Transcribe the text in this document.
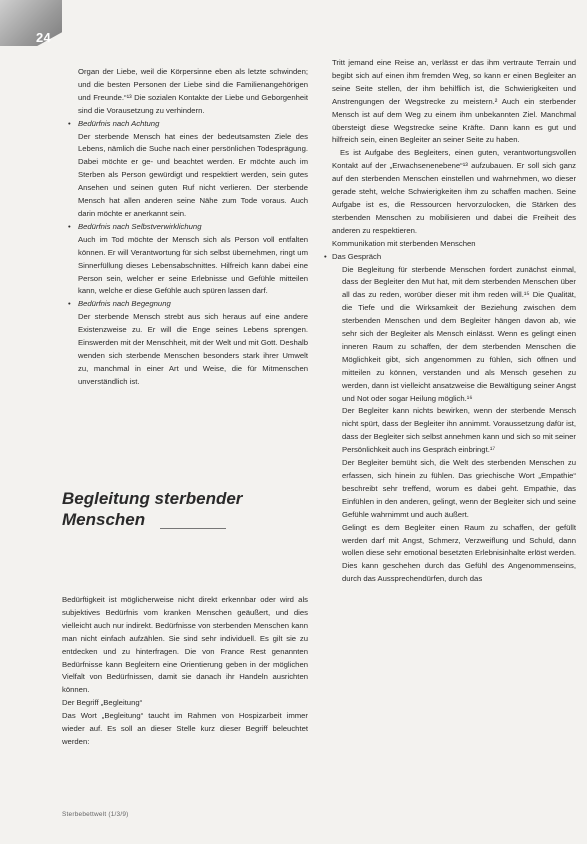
24

Organ der Liebe, weil die Körpersinne eben als letzte schwinden; und die besten Personen der Liebe sind die Familienangehörigen und Freunde.“¹³ Die sozialen Kontakte der Liebe und Geborgenheit sind die Vorausetzung zu verhindern.

• Bedürfnis nach Achtung

Der sterbende Mensch hat eines der bedeutsamsten Ziele des Lebens, nämlich die Suche nach einer persönlichen Todesprägung. Dabei möchte er ge- und beachtet werden. Er möchte auch im Sterben als Person gewürdigt und respektiert werden, sein gutes Ansehen und seinen guten Ruf nicht verlieren. Der sterbende Mensch hat allen anderen seine Nähe zum Tode voraus. Auch darin möchte er anerkannt sein.

• Bedürfnis nach Selbstverwirklichung

Auch im Tod möchte der Mensch sich als Person voll entfalten können. Er will Verantwortung für sich selbst übernehmen, ringt um Sinnerfüllung dieses Lebensabschnittes. Hilfreich kann dabei eine Person sein, welcher er seine Erlebnisse und Gefühle mitteilen kann, welche er diese Gefühle auch spüren lassen darf.

• Bedürfnis nach Begegnung

Der sterbende Mensch strebt aus sich heraus auf eine andere Existenzweise zu. Er will die Enge seines Lebens sprengen. Einswerden mit der Menschheit, mit der Welt und mit Gott. Deshalb wenden sich sterbende Menschen besonders stark ihrer Umwelt zu, manchmal in einer Art und Weise, die für Mitmenschen unverständlich ist.

Begleitung sterbender Menschen

Bedürftigkeit ist möglicherweise nicht direkt erkennbar oder wird als subjektives Bedürfnis vom kranken Menschen geäußert, und dies vielleicht auch nur indirekt. Bedürfnisse von sterbenden Menschen kann man nicht einfach aufzählen. Sie sind sehr individuell. Es gilt sie zu entdecken und zu hinterfragen. Die von France Rest genannten Bedürfnisse kann Begleitern eine Orientierung geben in der möglichen Vielfalt von Bedürfnissen, damit sie danach ihr Handeln ausrichten können.

Der Begriff „Begleitung“

Das Wort „Begleitung“ taucht im Rahmen von Hospizarbeit immer wieder auf. Es soll an dieser Stelle kurz dieser Begriff beleuchtet werden:

Tritt jemand eine Reise an, verlässt er das ihm vertraute Terrain und begibt sich auf einen ihm fremden Weg, so kann er einen Begleiter an seine Seite stellen, der ihm behilflich ist, die Schwierigkeiten und Anstrengungen der Wegstrecke zu meistern.² Auch ein sterbender Mensch ist auf dem Weg zu einem ihm unbekannten Ziel. Manchmal übersteigt diese Wegstrecke seine Kräfte. Dann kann es gut und hilfreich sein, einen Begleiter an seiner Seite zu haben.

Es ist Aufgabe des Begleiters, einen guten, verantwortungsvollen Kontakt auf der „Erwachsenenebene“¹³ aufzubauen. Er soll sich ganz auf den sterbenden Menschen einstellen und wahrnehmen, wo dieser gerade steht, welche Schwierigkeiten ihm zu schaffen machen. Seine Aufgabe ist es, die Ressourcen hervorzulocken, die Stärken des sterbenden Menschen zu mobilisieren und dabei die Freiheit des anderen zu respektieren.

Kommunikation mit sterbenden Menschen

• Das Gespräch

Die Begleitung für sterbende Menschen fordert zunächst einmal, dass der Begleiter den Mut hat, mit dem sterbenden Menschen über all das zu reden, worüber dieser mit ihm reden will.¹⁵ Die Qualität, die Tiefe und die Wirksamkeit der Beziehung zwischen dem sterbenden Menschen und dem Begleiter hängen davon ab, wie sehr sich der Begleiter als Mensch einlässt. Wenn es gelingt einen inneren Raum zu schaffen, der dem sterbenden Menschen die Möglichkeit gibt, sich angenommen zu fühlen, sich öffnen und mitteilen zu können, verstanden und als Mensch gesehen zu werden, dann ist vielleicht ansatzweise die Bewältigung seiner Angst und Not oder sogar Heilung möglich.¹⁶

Der Begleiter kann nichts bewirken, wenn der sterbende Mensch nicht spürt, dass der Begleiter ihn annimmt. Voraussetzung dafür ist, dass der Begleiter sich selbst annehmen kann und sich so mit seiner Persönlichkeit auch ins Gespräch einbringt.¹⁷

Der Begleiter bemüht sich, die Welt des sterbenden Menschen zu erfassen, sich hinein zu fühlen. Das griechische Wort „Empathie“ beschreibt sehr treffend, worum es dabei geht. Empathie, das Einfühlen in den anderen, gelingt, wenn der Begleiter sich und seine Gefühle wahrnimmt und auch äußert.

Gelingt es dem Begleiter einen Raum zu schaffen, der gefüllt werden darf mit Angst, Schmerz, Verzweiflung und Schuld, dann wollen diese sehr emotional besetzten Erlebnisinhalte erlöst werden. Dies kann geschehen durch das Gefühl des Angenommenseins, durch das Aussprechendürfen, durch das

Sterbebettwelt (1/3/9)
